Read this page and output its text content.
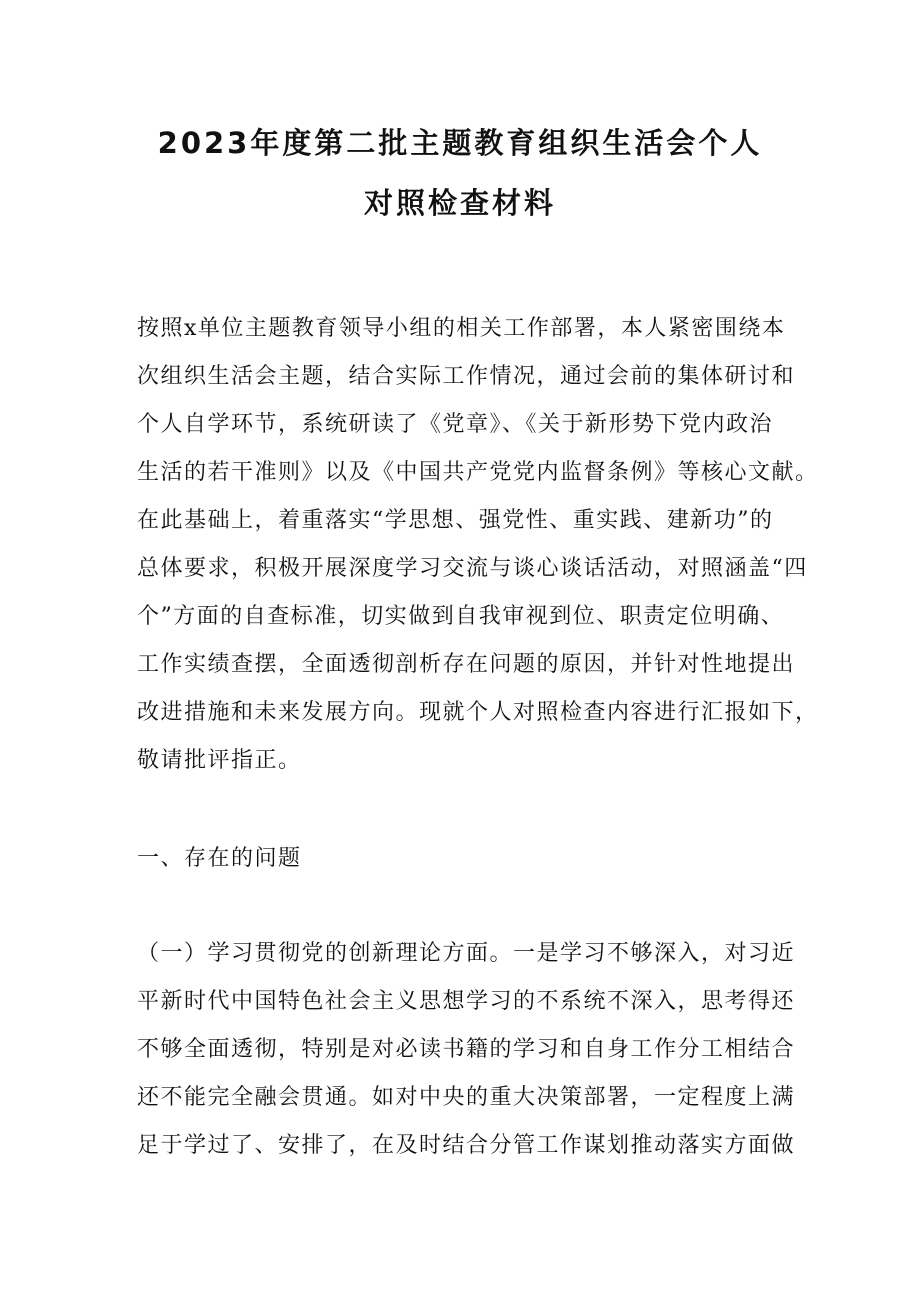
2023年度第二批主题教育组织生活会个人
对照检查材料
按照x单位主题教育领导小组的相关工作部署，本人紧密围绕本
次组织生活会主题，结合实际工作情况，通过会前的集体研讨和
个人自学环节，系统研读了《党章》、《关于新形势下党内政治
生活的若干准则》以及《中国共产党党内监督条例》等核心文献。
在此基础上，着重落实“学思想、强党性、重实践、建新功”的
总体要求，积极开展深度学习交流与谈心谈话活动，对照涵盖“四
个”方面的自查标准，切实做到自我审视到位、职责定位明确、
工作实绩查摆，全面透彻剖析存在问题的原因，并针对性地提出
改进措施和未来发展方向。现就个人对照检查内容进行汇报如下，
敬请批评指正。
一、存在的问题
（一）学习贯彻党的创新理论方面。一是学习不够深入，对习近
平新时代中国特色社会主义思想学习的不系统不深入，思考得还
不够全面透彻，特别是对必读书籍的学习和自身工作分工相结合
还不能完全融会贯通。如对中央的重大决策部署，一定程度上满
足于学过了、安排了，在及时结合分管工作谋划推动落实方面做
